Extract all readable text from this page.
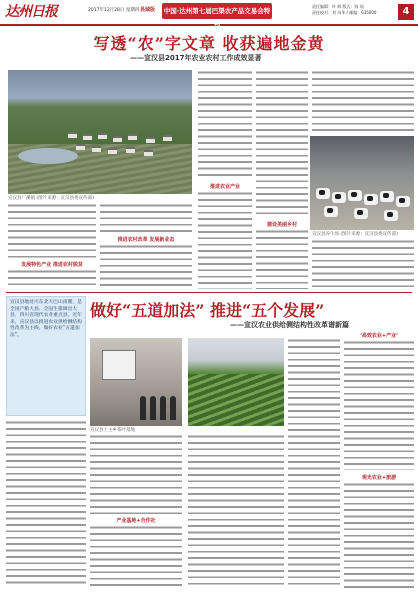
达州日报	2017年12月28日 星期四 县域版 中国·达州第七届巴渠农产品交易会特刊
责任编辑：叶 辉 版式：陈 灿
责任校对：刘 风华 / 邮编：635000	4
写透“农”字文章 收获遍地金黄
——宣汉县2017年农业农村工作成效显著
宣汉县厂溪镇 (图片来源：宣汉县委宣传部)
发展特色产业 推进农村脱贫
推进农村改革 发展新业态
推进农业产业
建设美丽乡村
宣汉县养牛场 (图片来源：宣汉县委宣传部)
宣汉县地处川东北大巴山南麓，是全国产粮大县、全国生猪调出大县、四川省现代农业重点县。近年来，宣汉县以推进农业供给侧结构性改革为主线，做好农业“五道加法”。
做好“五道加法” 推进“五个发展”
——宣汉农业供给侧结构性改革谱新篇
宣汉县土主乡茶叶基地
‘高效农业+产业’
观光农业+旅游
产业基地+合作社
